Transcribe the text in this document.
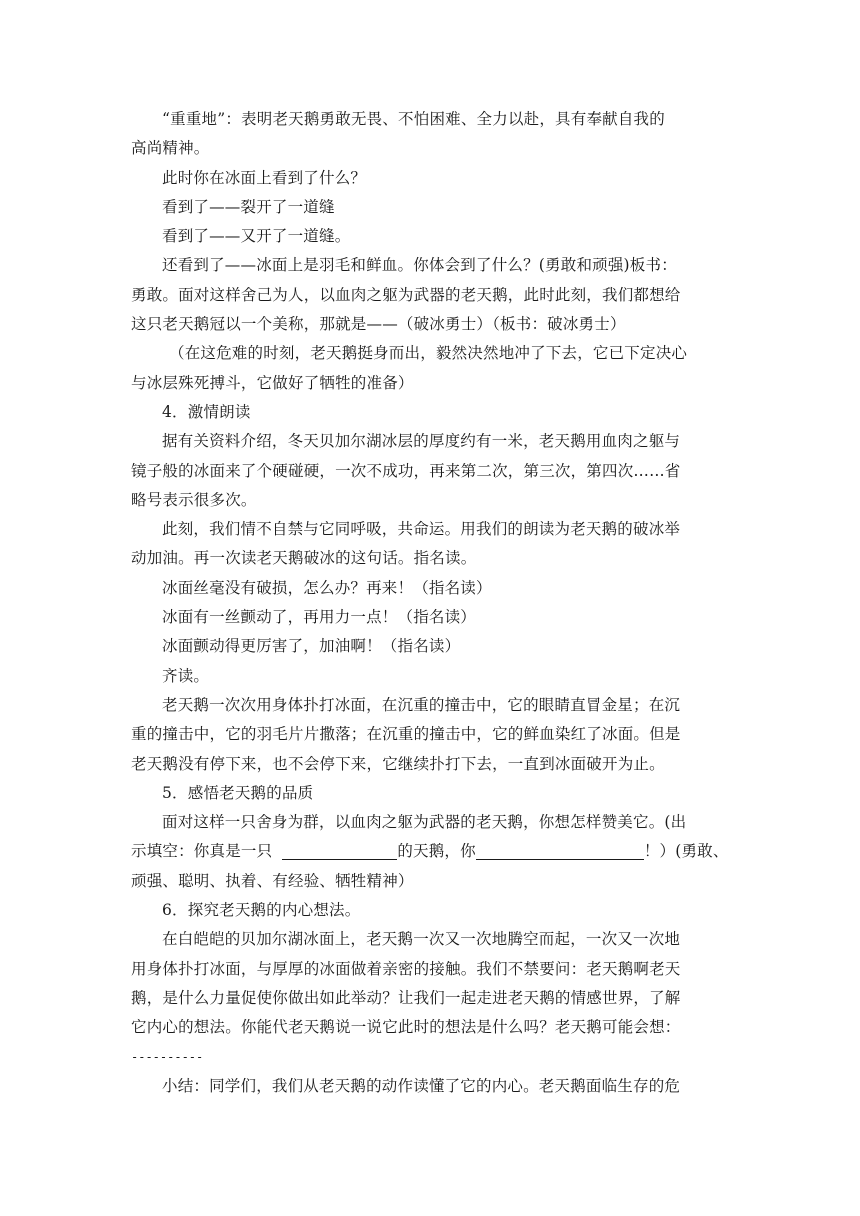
“重重地”：表明老天鹅勇敢无畏、不怕困难、全力以赴，具有奉献自我的
高尚精神。
此时你在冰面上看到了什么？
看到了——裂开了一道缝
看到了——又开了一道缝。
还看到了——冰面上是羽毛和鲜血。你体会到了什么？(勇敢和顽强)板书：
勇敢。面对这样舍己为人，以血肉之躯为武器的老天鹅，此时此刻，我们都想给
这只老天鹅冠以一个美称，那就是——（破冰勇士）（板书：破冰勇士）
（在这危难的时刻，老天鹅挺身而出，毅然决然地冲了下去，它已下定决心
与冰层殊死搏斗，它做好了牺牲的准备）
4．激情朗读
据有关资料介绍，冬天贝加尔湖冰层的厚度约有一米，老天鹅用血肉之躯与
镜子般的冰面来了个硬碰硬，一次不成功，再来第二次，第三次，第四次……省
略号表示很多次。
此刻，我们情不自禁与它同呼吸，共命运。用我们的朗读为老天鹅的破冰举
动加油。再一次读老天鹅破冰的这句话。指名读。
冰面丝毫没有破损，怎么办？再来！（指名读）
冰面有一丝颤动了，再用力一点！（指名读）
冰面颤动得更厉害了，加油啊！（指名读）
齐读。
老天鹅一次次用身体扑打冰面，在沉重的撞击中，它的眼睛直冒金星；在沉
重的撞击中，它的羽毛片片撒落；在沉重的撞击中，它的鲜血染红了冰面。但是
老天鹅没有停下来，也不会停下来，它继续扑打下去，一直到冰面破开为止。
5．感悟老天鹅的品质
面对这样一只舍身为群，以血肉之躯为武器的老天鹅，你想怎样赞美它。(出
示填空：你真是一只	的天鹅，你	！）(勇敢、
顽强、聪明、执着、有经验、牺牲精神）
6．探究老天鹅的内心想法。
在白皑皑的贝加尔湖冰面上，老天鹅一次又一次地腾空而起，一次又一次地
用身体扑打冰面，与厚厚的冰面做着亲密的接触。我们不禁要问：老天鹅啊老天
鹅，是什么力量促使你做出如此举动？让我们一起走进老天鹅的情感世界，了解
它内心的想法。你能代老天鹅说一说它此时的想法是什么吗？老天鹅可能会想：
----------
小结：同学们，我们从老天鹅的动作读懂了它的内心。老天鹅面临生存的危
